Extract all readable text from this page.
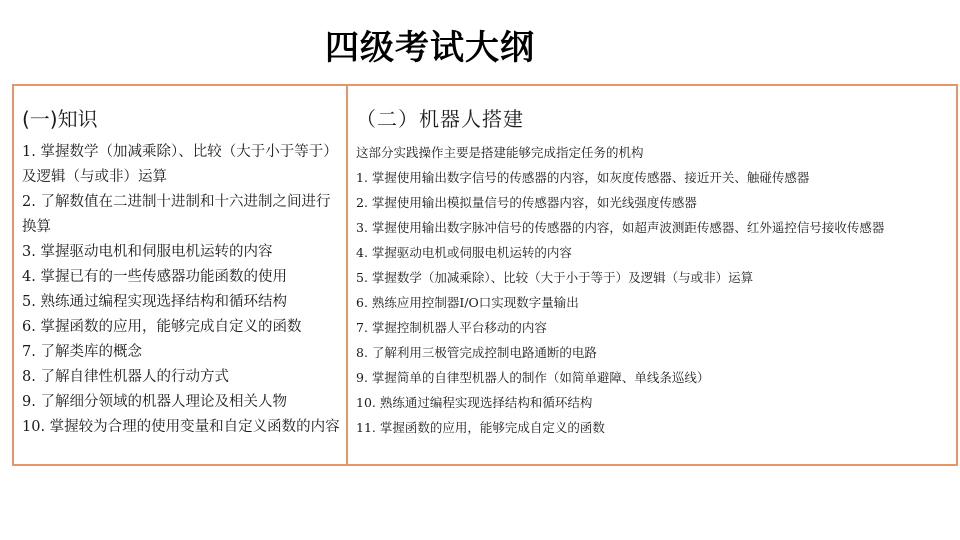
四级考试大纲
(一)知识
1. 掌握数学（加减乘除）、比较（大于小于等于）及逻辑（与或非）运算
2. 了解数值在二进制十进制和十六进制之间进行换算
3. 掌握驱动电机和伺服电机运转的内容
4. 掌握已有的一些传感器功能函数的使用
5. 熟练通过编程实现选择结构和循环结构
6. 掌握函数的应用，能够完成自定义的函数
7. 了解类库的概念
8. 了解自律性机器人的行动方式
9. 了解细分领域的机器人理论及相关人物
10. 掌握较为合理的使用变量和自定义函数的内容
（二）机器人搭建
这部分实践操作主要是搭建能够完成指定任务的机构
1. 掌握使用输出数字信号的传感器的内容，如灰度传感器、接近开关、触碰传感器
2. 掌握使用输出模拟量信号的传感器内容，如光线强度传感器
3. 掌握使用输出数字脉冲信号的传感器的内容，如超声波测距传感器、红外遥控信号接收传感器
4. 掌握驱动电机或伺服电机运转的内容
5. 掌握数学（加减乘除）、比较（大于小于等于）及逻辑（与或非）运算
6. 熟练应用控制器I/O口实现数字量输出
7. 掌握控制机器人平台移动的内容
8. 了解利用三极管完成控制电路通断的电路
9. 掌握简单的自律型机器人的制作（如简单避障、单线条巡线）
10. 熟练通过编程实现选择结构和循环结构
11. 掌握函数的应用，能够完成自定义的函数
